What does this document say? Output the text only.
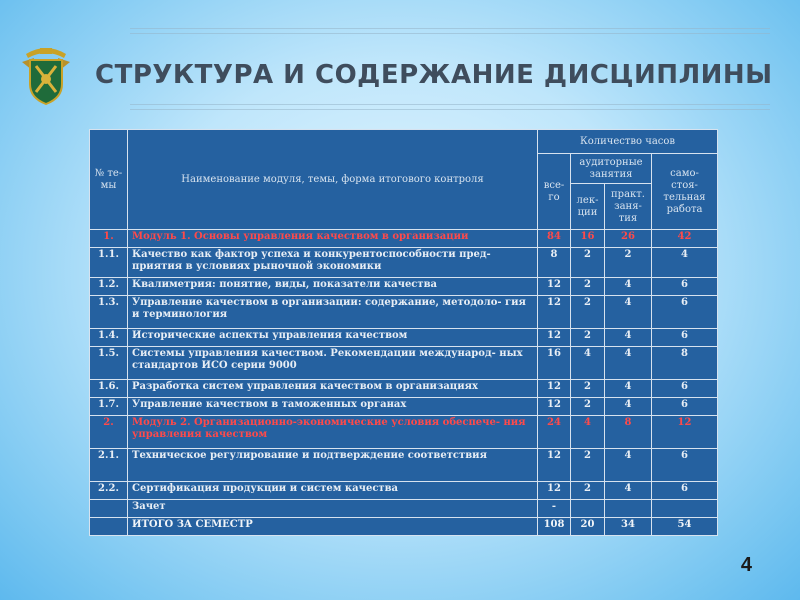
СТРУКТУРА И СОДЕРЖАНИЕ ДИСЦИПЛИНЫ
№ те- мы	Наименование модуля, темы, форма итогового контроля	Количество часов			
		все- го	аудиторные занятия		само- стоя- тельная работа
			лек- ции	практ. заня- тия	
1.	Модуль 1. Основы управления качеством в организации	84	16	26	42
1.1.	Качество как фактор успеха и конкурентоспособности пред- приятия в условиях рыночной экономики	8	2	2	4
1.2.	Квалиметрия: понятие, виды, показатели качества	12	2	4	6
1.3.	Управление качеством в организации: содержание, методоло- гия и терминология	12	2	4	6
1.4.	Исторические аспекты управления качеством	12	2	4	6
1.5.	Системы управления качеством. Рекомендации международ- ных стандартов ИСО серии 9000	16	4	4	8
1.6.	Разработка систем управления качеством в организациях	12	2	4	6
1.7.	Управление качеством в таможенных органах	12	2	4	6
2.	Модуль 2. Организационно-экономические условия обеспече- ния управления качеством	24	4	8	12
2.1.	Техническое регулирование и подтверждение соответствия	12	2	4	6
2.2.	Сертификация продукции и систем качества	12	2	4	6
	Зачет	-			
	ИТОГО ЗА СЕМЕСТР	108	20	34	54
4
